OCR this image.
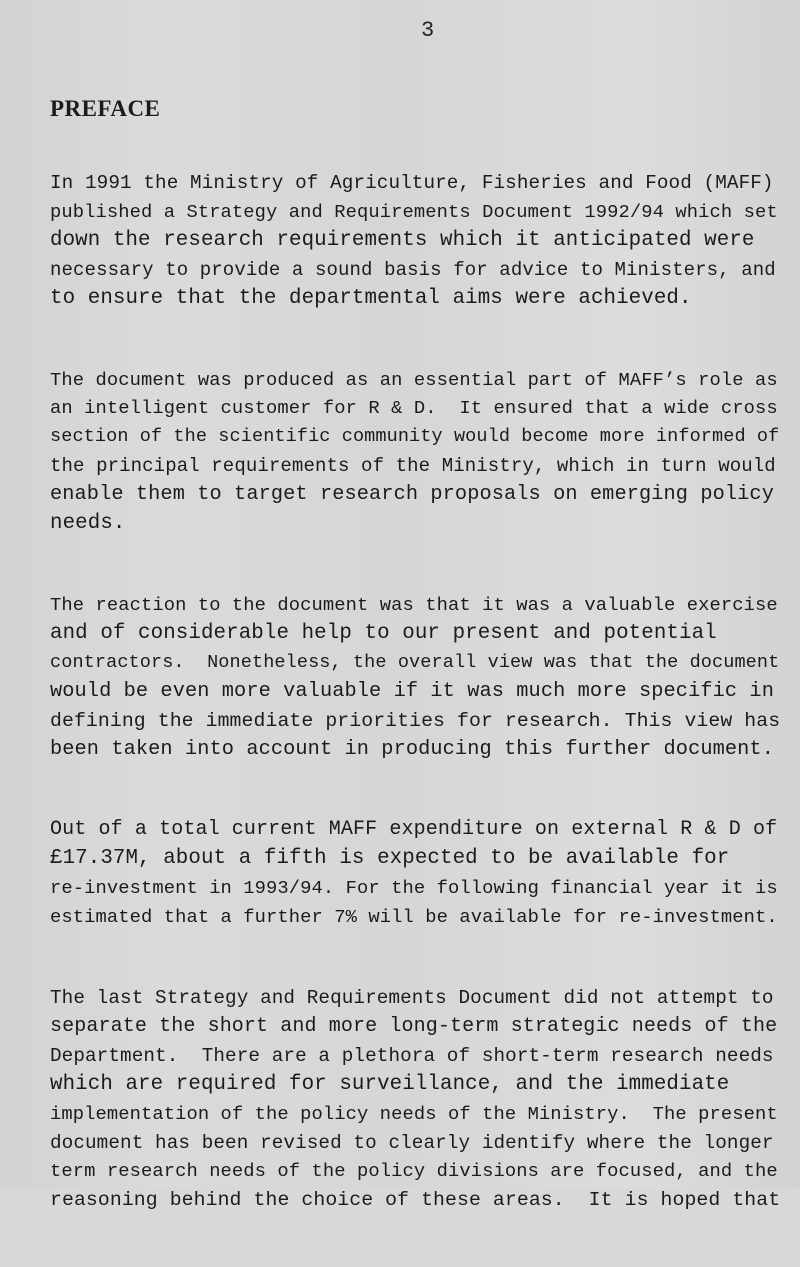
3
PREFACE
In 1991 the Ministry of Agriculture, Fisheries and Food (MAFF)
published a Strategy and Requirements Document 1992/94 which set
down the research requirements which it anticipated were
necessary to provide a sound basis for advice to Ministers, and
to ensure that the departmental aims were achieved.
The document was produced as an essential part of MAFF’s role as
an intelligent customer for R & D.  It ensured that a wide cross
section of the scientific community would become more informed of
the principal requirements of the Ministry, which in turn would
enable them to target research proposals on emerging policy
needs.
The reaction to the document was that it was a valuable exercise
and of considerable help to our present and potential
contractors.  Nonetheless, the overall view was that the document
would be even more valuable if it was much more specific in
defining the immediate priorities for research. This view has
been taken into account in producing this further document.
Out of a total current MAFF expenditure on external R & D of
£17.37M, about a fifth is expected to be available for
re-investment in 1993/94. For the following financial year it is
estimated that a further 7% will be available for re-investment.
The last Strategy and Requirements Document did not attempt to
separate the short and more long-term strategic needs of the
Department.  There are a plethora of short-term research needs
which are required for surveillance, and the immediate
implementation of the policy needs of the Ministry.  The present
document has been revised to clearly identify where the longer
term research needs of the policy divisions are focused, and the
reasoning behind the choice of these areas.  It is hoped that
